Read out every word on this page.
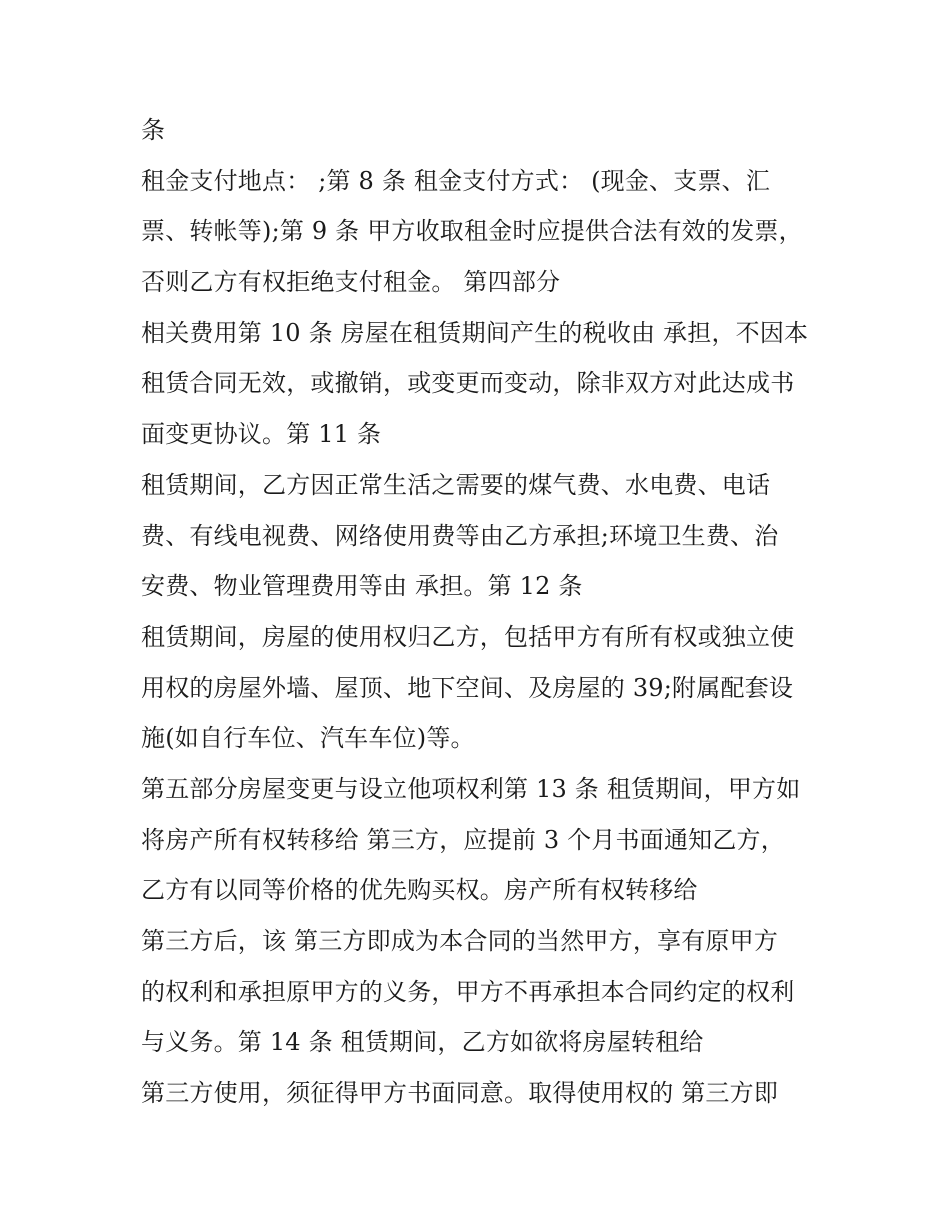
条
租金支付地点： ;第 8 条 租金支付方式： (现金、支票、汇
票、转帐等);第 9 条 甲方收取租金时应提供合法有效的发票，
否则乙方有权拒绝支付租金。 第四部分
相关费用第 10 条 房屋在租赁期间产生的税收由 承担，不因本
租赁合同无效，或撤销，或变更而变动，除非双方对此达成书
面变更协议。第 11 条
租赁期间，乙方因正常生活之需要的煤气费、水电费、电话
费、有线电视费、网络使用费等由乙方承担;环境卫生费、治
安费、物业管理费用等由 承担。第 12 条
租赁期间，房屋的使用权归乙方，包括甲方有所有权或独立使
用权的房屋外墙、屋顶、地下空间、及房屋的 39;附属配套设
施(如自行车位、汽车车位)等。
第五部分房屋变更与设立他项权利第 13 条 租赁期间，甲方如
将房产所有权转移给 第三方，应提前 3 个月书面通知乙方，
乙方有以同等价格的优先购买权。房产所有权转移给
第三方后，该 第三方即成为本合同的当然甲方，享有原甲方
的权利和承担原甲方的义务，甲方不再承担本合同约定的权利
与义务。第 14 条 租赁期间，乙方如欲将房屋转租给
第三方使用，须征得甲方书面同意。取得使用权的 第三方即
